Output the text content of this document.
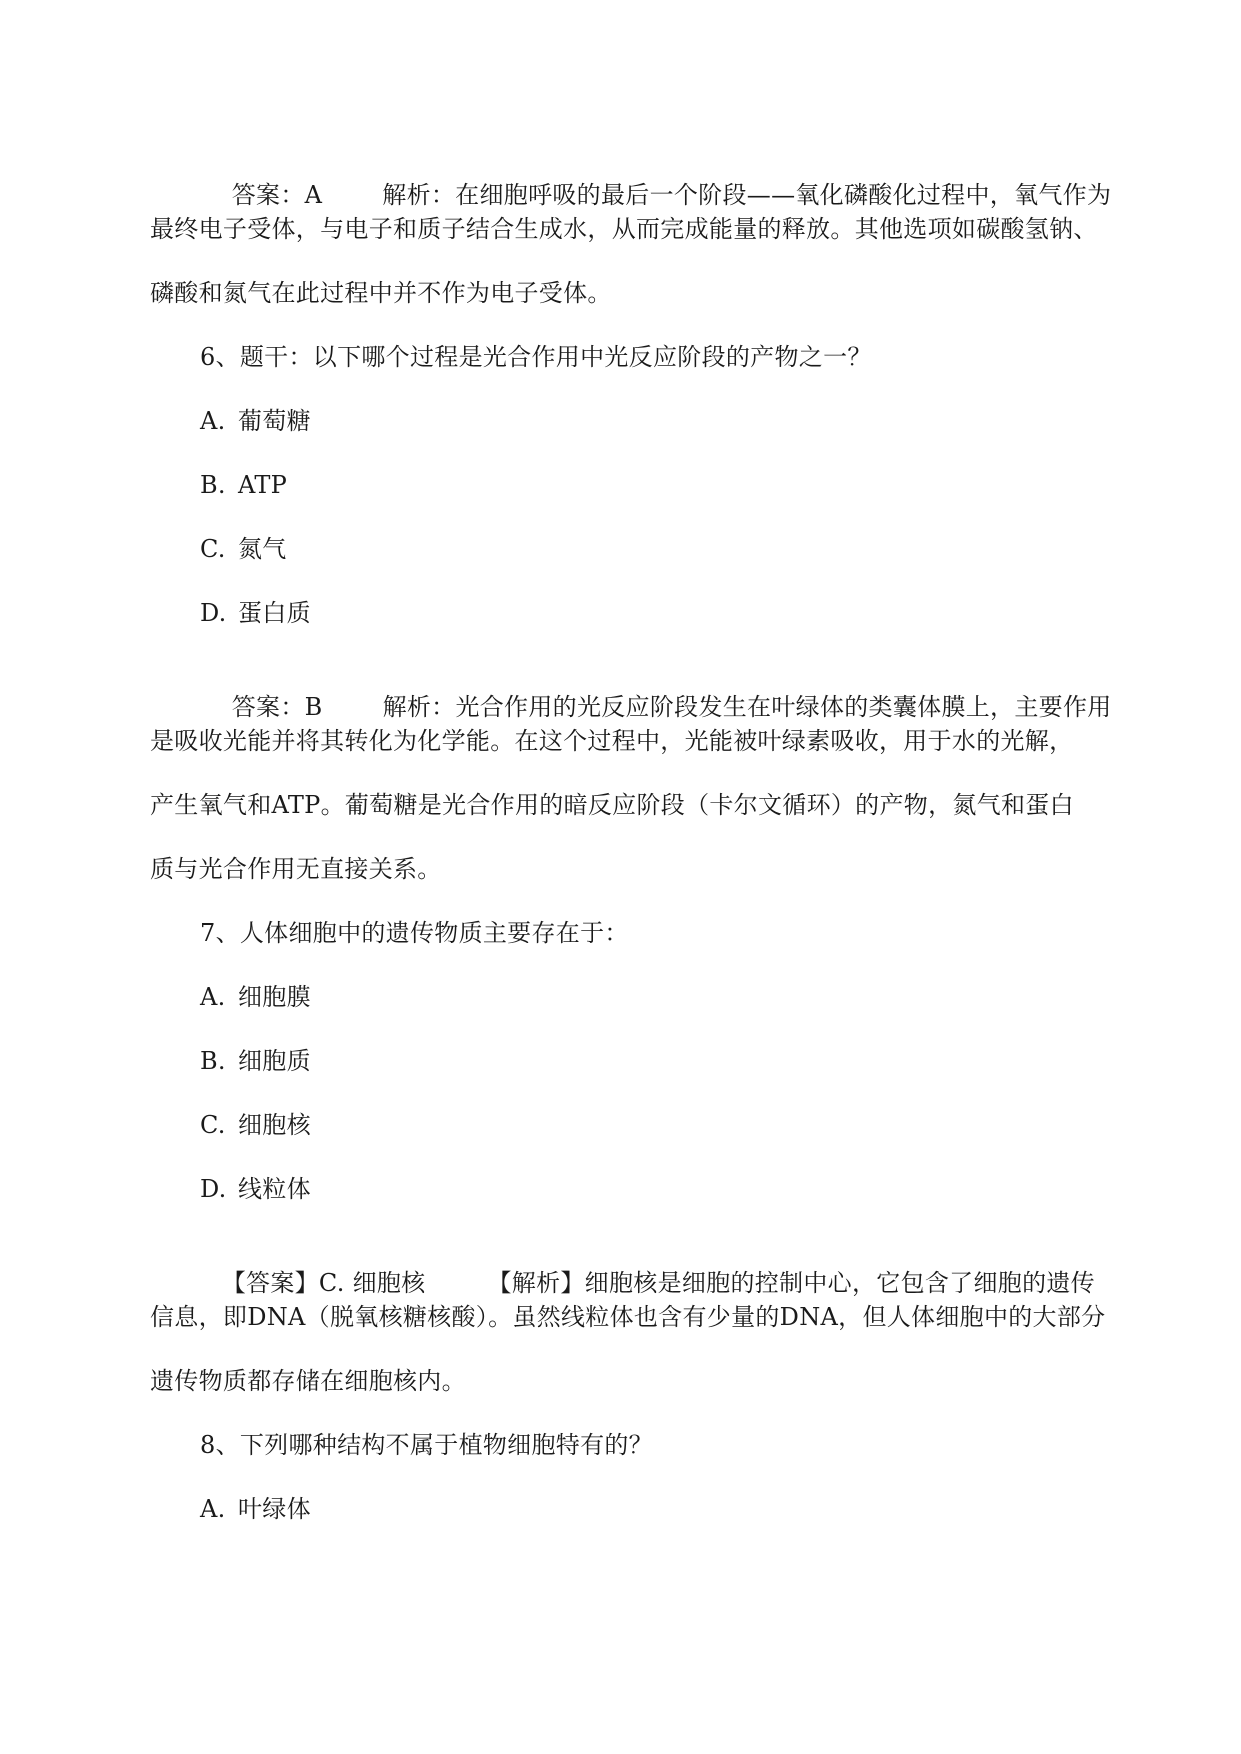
答案：A	解析：在细胞呼吸的最后一个阶段——氧化磷酸化过程中，氧气作为

最终电子受体，与电子和质子结合生成水，从而完成能量的释放。其他选项如碳酸氢钠、
磷酸和氮气在此过程中并不作为电子受体。
6、题干：以下哪个过程是光合作用中光反应阶段的产物之一？
A. 葡萄糖
B. ATP
C. 氮气
D. 蛋白质

答案：B	解析：光合作用的光反应阶段发生在叶绿体的类囊体膜上，主要作用

是吸收光能并将其转化为化学能。在这个过程中，光能被叶绿素吸收，用于水的光解，
产生氧气和ATP。葡萄糖是光合作用的暗反应阶段（卡尔文循环）的产物，氮气和蛋白
质与光合作用无直接关系。
7、人体细胞中的遗传物质主要存在于：
A. 细胞膜
B. 细胞质
C. 细胞核
D. 线粒体

【答案】C. 细胞核	【解析】细胞核是细胞的控制中心，它包含了细胞的遗传

信息，即DNA（脱氧核糖核酸）。虽然线粒体也含有少量的DNA，但人体细胞中的大部分
遗传物质都存储在细胞核内。
8、下列哪种结构不属于植物细胞特有的？
A. 叶绿体
